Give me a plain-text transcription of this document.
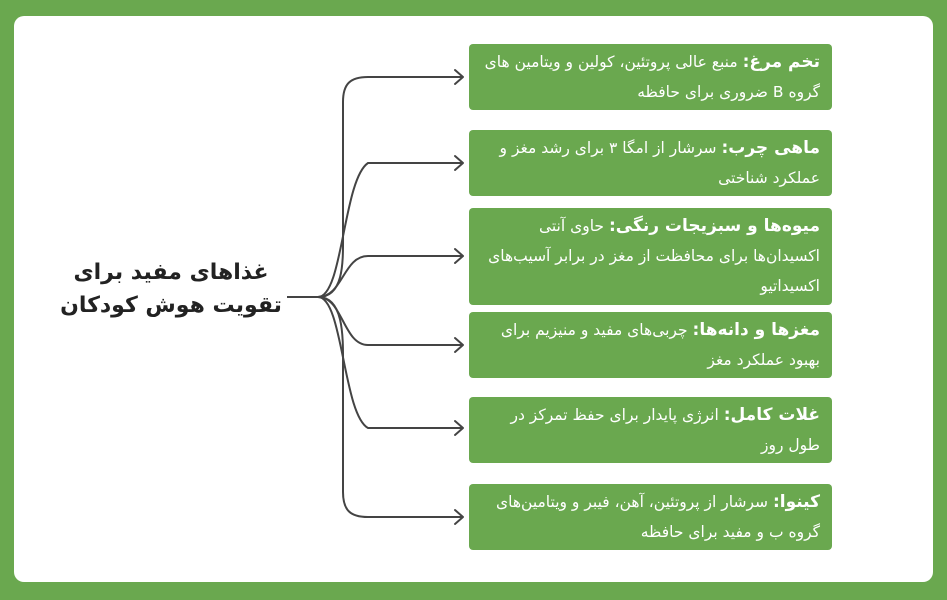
غذاهای مفید برای تقویت هوش کودکان
تخم مرغ: منبع عالی پروتئین، کولین و ویتامین های گروه B ضروری برای حافظه
ماهی چرب: سرشار از امگا ۳ برای رشد مغز و عملکرد شناختی
میوه‌ها و سبزیجات رنگی: حاوی آنتی اکسیدان‌ها برای محافظت از مغز در برابر آسیب‌های اکسیداتیو
مغزها و دانه‌ها: چربی‌های مفید و منیزیم برای بهبود عملکرد مغز
غلات کامل: انرژی پایدار برای حفظ تمرکز در طول روز
کینوا: سرشار از پروتئین، آهن، فیبر و ویتامین‌های گروه ب و مفید برای حافظه
